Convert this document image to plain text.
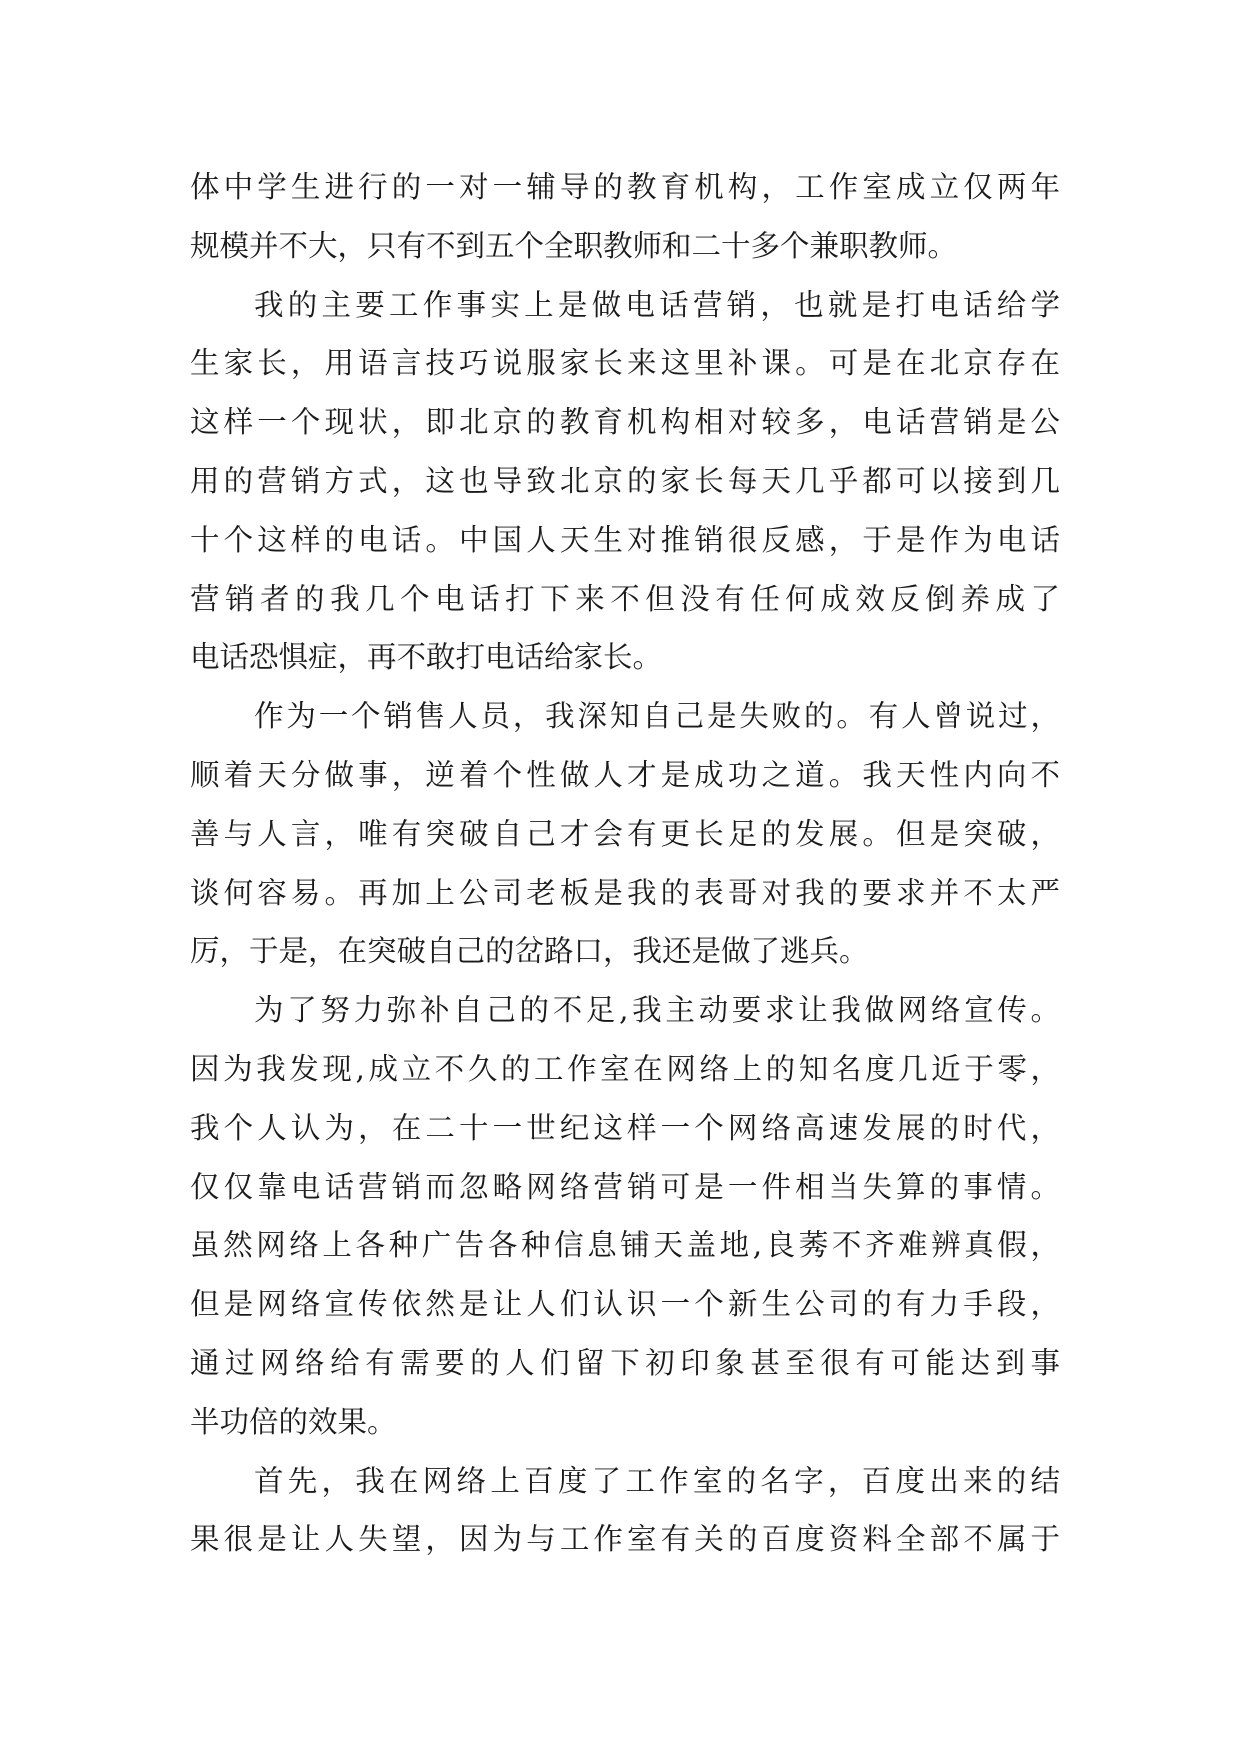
体中学生进行的一对一辅导的教育机构，工作室成立仅两年
规模并不大，只有不到五个全职教师和二十多个兼职教师。
我的主要工作事实上是做电话营销，也就是打电话给学
生家长，用语言技巧说服家长来这里补课。可是在北京存在
这样一个现状，即北京的教育机构相对较多，电话营销是公
用的营销方式，这也导致北京的家长每天几乎都可以接到几
十个这样的电话。中国人天生对推销很反感，于是作为电话
营销者的我几个电话打下来不但没有任何成效反倒养成了
电话恐惧症，再不敢打电话给家长。
作为一个销售人员，我深知自己是失败的。有人曾说过，
顺着天分做事，逆着个性做人才是成功之道。我天性内向不
善与人言，唯有突破自己才会有更长足的发展。但是突破，
谈何容易。再加上公司老板是我的表哥对我的要求并不太严
厉，于是，在突破自己的岔路口，我还是做了逃兵。
为了努力弥补自己的不足,我主动要求让我做网络宣传。
因为我发现,成立不久的工作室在网络上的知名度几近于零，
我个人认为，在二十一世纪这样一个网络高速发展的时代，
仅仅靠电话营销而忽略网络营销可是一件相当失算的事情。
虽然网络上各种广告各种信息铺天盖地,良莠不齐难辨真假，
但是网络宣传依然是让人们认识一个新生公司的有力手段，
通过网络给有需要的人们留下初印象甚至很有可能达到事
半功倍的效果。
首先，我在网络上百度了工作室的名字，百度出来的结
果很是让人失望，因为与工作室有关的百度资料全部不属于
